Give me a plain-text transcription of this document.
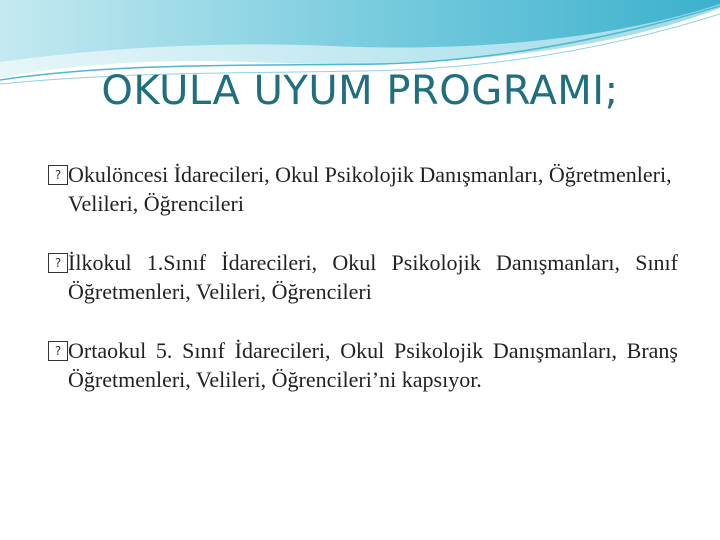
OKULA UYUM PROGRAMI;
? Okulöncesi İdarecileri, Okul Psikolojik Danışmanları, Öğretmenleri, Velileri, Öğrencileri
? İlkokul 1.Sınıf İdarecileri, Okul Psikolojik Danışmanları, Sınıf Öğretmenleri, Velileri, Öğrencileri
? Ortaokul 5. Sınıf İdarecileri, Okul Psikolojik Danışmanları, Branş Öğretmenleri, Velileri, Öğrencileri’ni kapsıyor.
